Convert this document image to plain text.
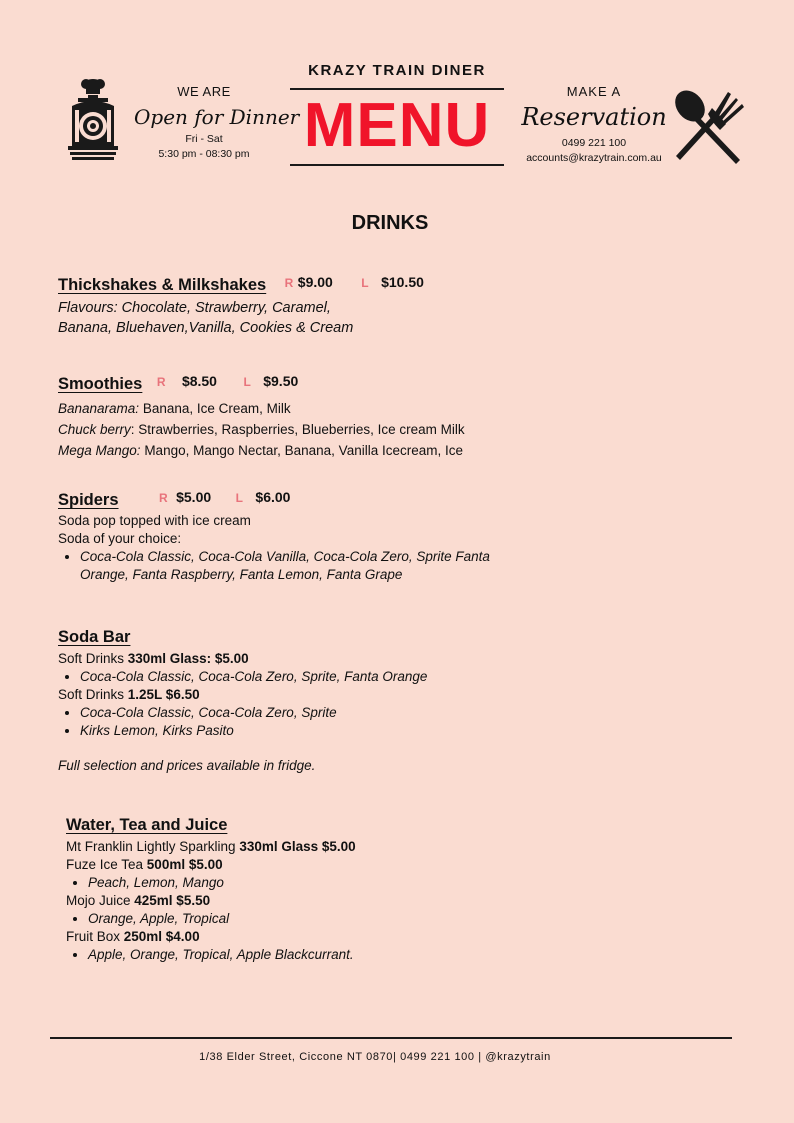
WE ARE
Open for Dinner
Fri - Sat
5:30 pm - 08:30 pm
KRAZY TRAIN DINER
MENU	MAKE A
Reservation
0499 221 100
accounts@krazytrain.com.au
DRINKS
Thickshakes & Milkshakes R $9.00 L $10.50
Flavours: Chocolate, Strawberry, Caramel,
Banana, Bluehaven,Vanilla, Cookies & Cream
Smoothies R $8.50 L $9.50
Bananarama: Banana, Ice Cream, Milk
Chuck berry: Strawberries, Raspberries, Blueberries, Ice cream Milk
Mega Mango: Mango, Mango Nectar, Banana, Vanilla Icecream, Ice
Spiders	R $5.00 L $6.00
Soda pop topped with ice cream
Soda of your choice:
• Coca-Cola Classic, Coca-Cola Vanilla, Coca-Cola Zero, Sprite Fanta Orange, Fanta Raspberry, Fanta Lemon, Fanta Grape
Soda Bar
Soft Drinks 330ml Glass: $5.00
• Coca-Cola Classic, Coca-Cola Zero, Sprite, Fanta Orange
Soft Drinks 1.25L $6.50
• Coca-Cola Classic, Coca-Cola Zero, Sprite
• Kirks Lemon, Kirks Pasito
Full selection and prices available in fridge.
Water, Tea and Juice
Mt Franklin Lightly Sparkling 330ml Glass $5.00
Fuze Ice Tea 500ml $5.00
• Peach, Lemon, Mango
Mojo Juice 425ml $5.50
• Orange, Apple, Tropical
Fruit Box 250ml $4.00
• Apple, Orange, Tropical, Apple Blackcurrant.
1/38 Elder Street, Ciccone NT 0870| 0499 221 100 | @krazytrain
